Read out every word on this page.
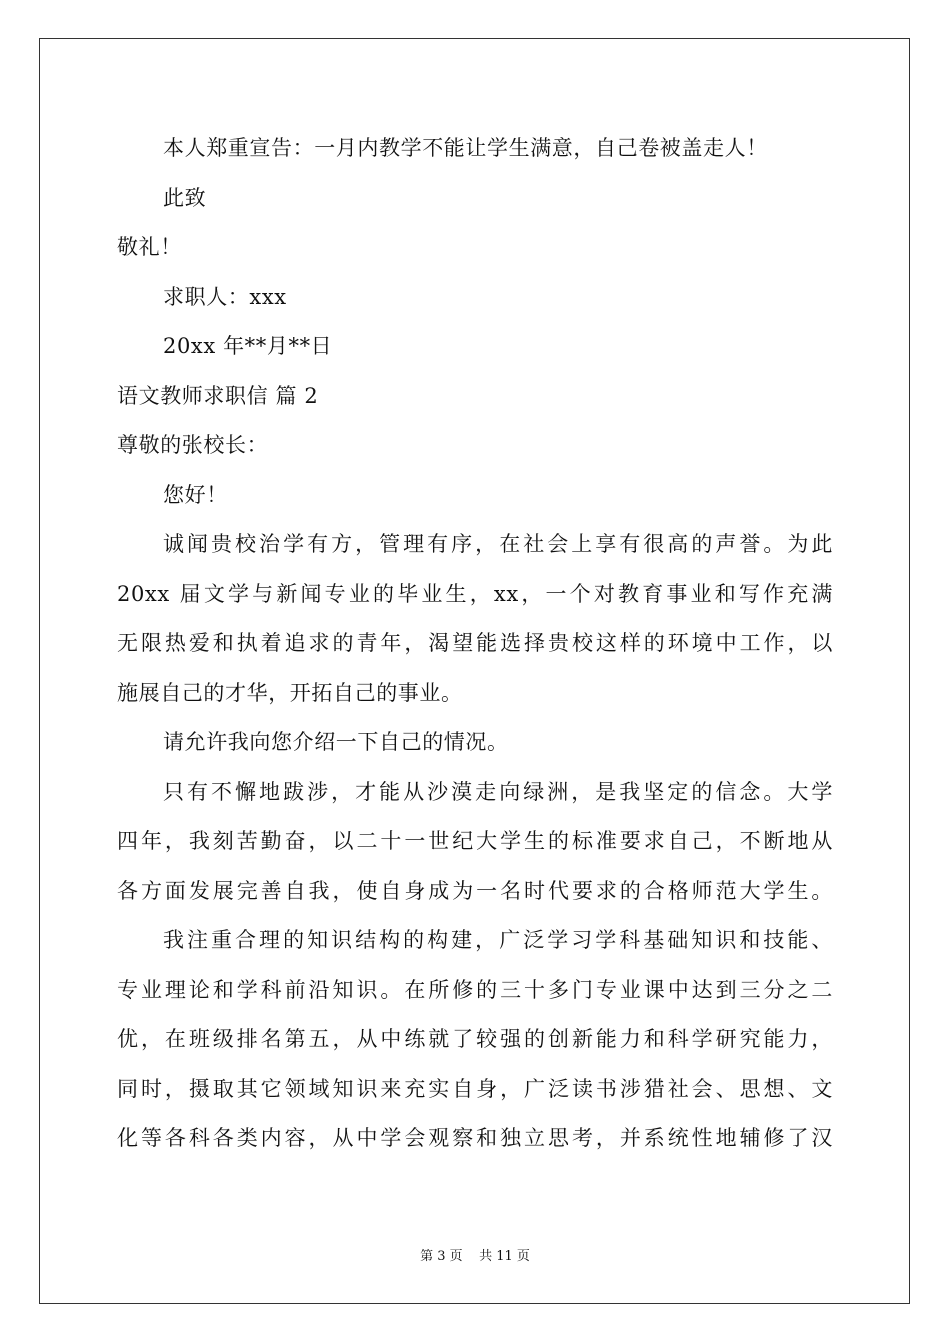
本人郑重宣告：一月内教学不能让学生满意，自己卷被盖走人！
此致
敬礼！
求职人：xxx
20xx 年**月**日
语文教师求职信 篇 2
尊敬的张校长：
您好！
诚闻贵校治学有方，管理有序，在社会上享有很高的声誉。为此
20xx 届文学与新闻专业的毕业生，xx，一个对教育事业和写作充满
无限热爱和执着追求的青年，渴望能选择贵校这样的环境中工作，以
施展自己的才华，开拓自己的事业。
请允许我向您介绍一下自己的情况。
只有不懈地跋涉，才能从沙漠走向绿洲，是我坚定的信念。大学
四年，我刻苦勤奋，以二十一世纪大学生的标准要求自己，不断地从
各方面发展完善自我，使自身成为一名时代要求的合格师范大学生。
我注重合理的知识结构的构建，广泛学习学科基础知识和技能、
专业理论和学科前沿知识。在所修的三十多门专业课中达到三分之二
优，在班级排名第五，从中练就了较强的创新能力和科学研究能力，
同时，摄取其它领域知识来充实自身，广泛读书涉猎社会、思想、文
化等各科各类内容，从中学会观察和独立思考，并系统性地辅修了汉
第 3 页    共 11 页
